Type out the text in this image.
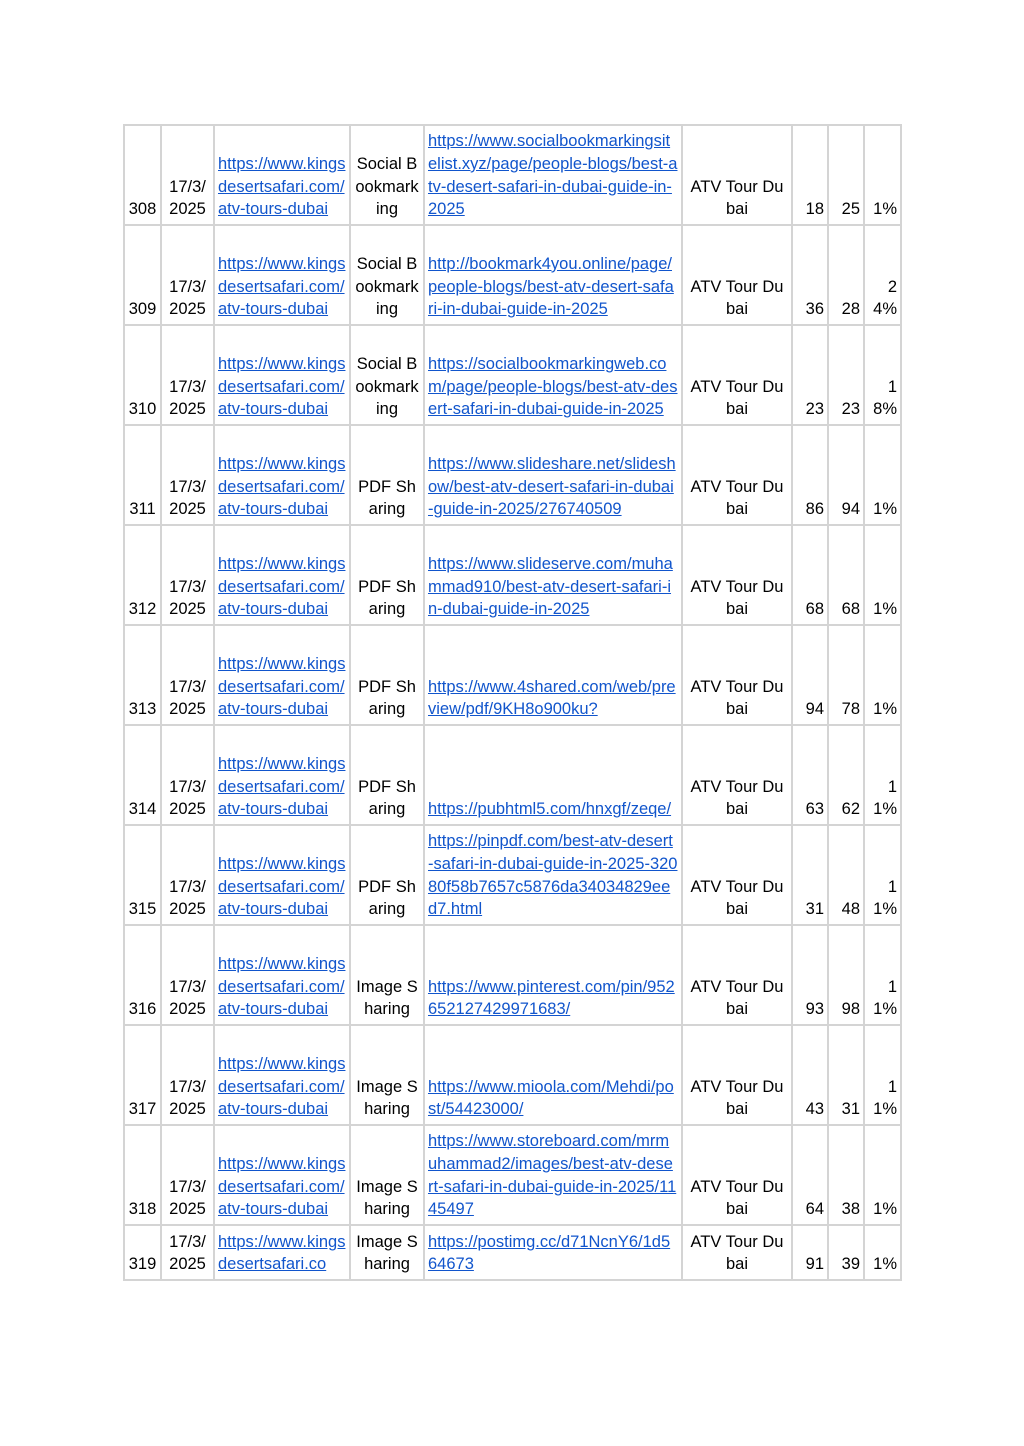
308	17/3/2025	https://www.kingsdesertsafari.com/atv-tours-dubai	Social Bookmarking	https://www.socialbookmarkingsitelist.xyz/page/people-blogs/best-atv-desert-safari-in-dubai-guide-in-2025	ATV Tour Dubai	18	25	1%
309	17/3/2025	https://www.kingsdesertsafari.com/atv-tours-dubai	Social Bookmarking	http://bookmark4you.online/page/people-blogs/best-atv-desert-safari-in-dubai-guide-in-2025	ATV Tour Dubai	36	28	24%
310	17/3/2025	https://www.kingsdesertsafari.com/atv-tours-dubai	Social Bookmarking	https://socialbookmarkingweb.com/page/people-blogs/best-atv-desert-safari-in-dubai-guide-in-2025	ATV Tour Dubai	23	23	18%
311	17/3/2025	https://www.kingsdesertsafari.com/atv-tours-dubai	PDF Sharing	https://www.slideshare.net/slideshow/best-atv-desert-safari-in-dubai-guide-in-2025/276740509	ATV Tour Dubai	86	94	1%
312	17/3/2025	https://www.kingsdesertsafari.com/atv-tours-dubai	PDF Sharing	https://www.slideserve.com/muhammad910/best-atv-desert-safari-in-dubai-guide-in-2025	ATV Tour Dubai	68	68	1%
313	17/3/2025	https://www.kingsdesertsafari.com/atv-tours-dubai	PDF Sharing	https://www.4shared.com/web/preview/pdf/9KH8o900ku?	ATV Tour Dubai	94	78	1%
314	17/3/2025	https://www.kingsdesertsafari.com/atv-tours-dubai	PDF Sharing	https://pubhtml5.com/hnxgf/zeqe/	ATV Tour Dubai	63	62	11%
315	17/3/2025	https://www.kingsdesertsafari.com/atv-tours-dubai	PDF Sharing	https://pinpdf.com/best-atv-desert-safari-in-dubai-guide-in-2025-32080f58b7657c5876da34034829eed7.html	ATV Tour Dubai	31	48	11%
316	17/3/2025	https://www.kingsdesertsafari.com/atv-tours-dubai	Image Sharing	https://www.pinterest.com/pin/952652127429971683/	ATV Tour Dubai	93	98	11%
317	17/3/2025	https://www.kingsdesertsafari.com/atv-tours-dubai	Image Sharing	https://www.mioola.com/Mehdi/post/54423000/	ATV Tour Dubai	43	31	11%
318	17/3/2025	https://www.kingsdesertsafari.com/atv-tours-dubai	Image Sharing	https://www.storeboard.com/mrmuhammad2/images/best-atv-desert-safari-in-dubai-guide-in-2025/1145497	ATV Tour Dubai	64	38	1%
319	17/3/2025	https://www.kingsdesertsafari.co	Image Sharing	https://postimg.cc/d71NcnY6/1d564673	ATV Tour Dubai	91	39	1%
